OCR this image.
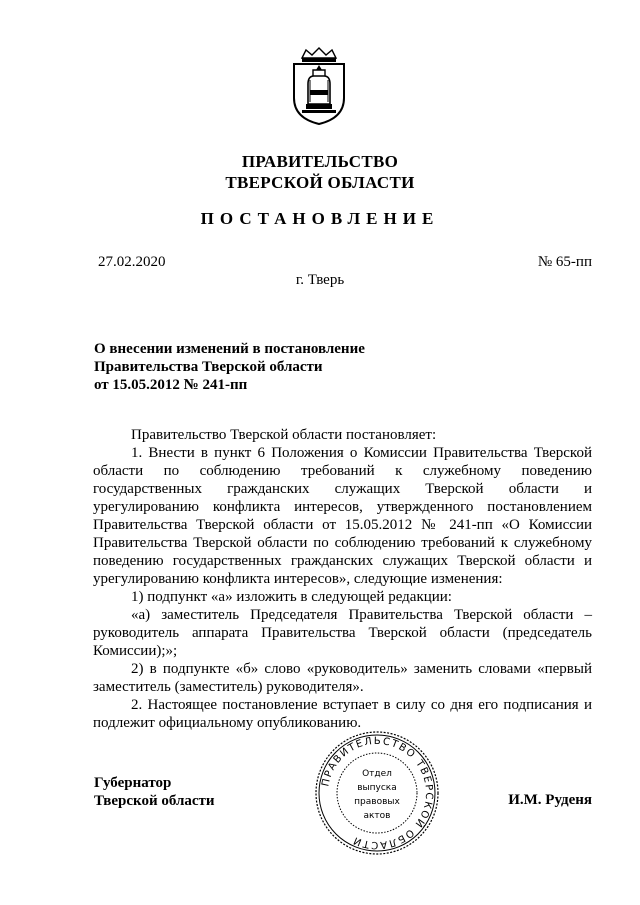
ПРАВИТЕЛЬСТВО
ТВЕРСКОЙ ОБЛАСТИ
ПОСТАНОВЛЕНИЕ
27.02.2020	№ 65-пп
г. Тверь
О внесении изменений в постановление
Правительства Тверской области
от 15.05.2012 № 241-пп

Правительство Тверской области постановляет:

1. Внести в пункт 6 Положения о Комиссии Правительства Тверской области по соблюдению требований к служебному поведению государственных гражданских служащих Тверской области и урегулированию конфликта интересов, утвержденного постановлением Правительства Тверской области от 15.05.2012 № 241-пп «О Комиссии Правительства Тверской области по соблюдению требований к служебному поведению государственных гражданских служащих Тверской области и урегулированию конфликта интересов», следующие изменения:

1) подпункт «а» изложить в следующей редакции:

«а) заместитель Председателя Правительства Тверской области – руководитель аппарата Правительства Тверской области (председатель Комиссии);»;

2) в подпункте «б» слово «руководитель» заменить словами «первый заместитель (заместитель) руководителя».

2. Настоящее постановление вступает в силу со дня его подписания и подлежит официальному опубликованию.

Губернатор
Тверской области	И.М. Руденя
ПРАВИТЕЛЬСТВО ТВЕРСКОЙ ОБЛАСТИ
Отдел
выпуска
правовых
актов
